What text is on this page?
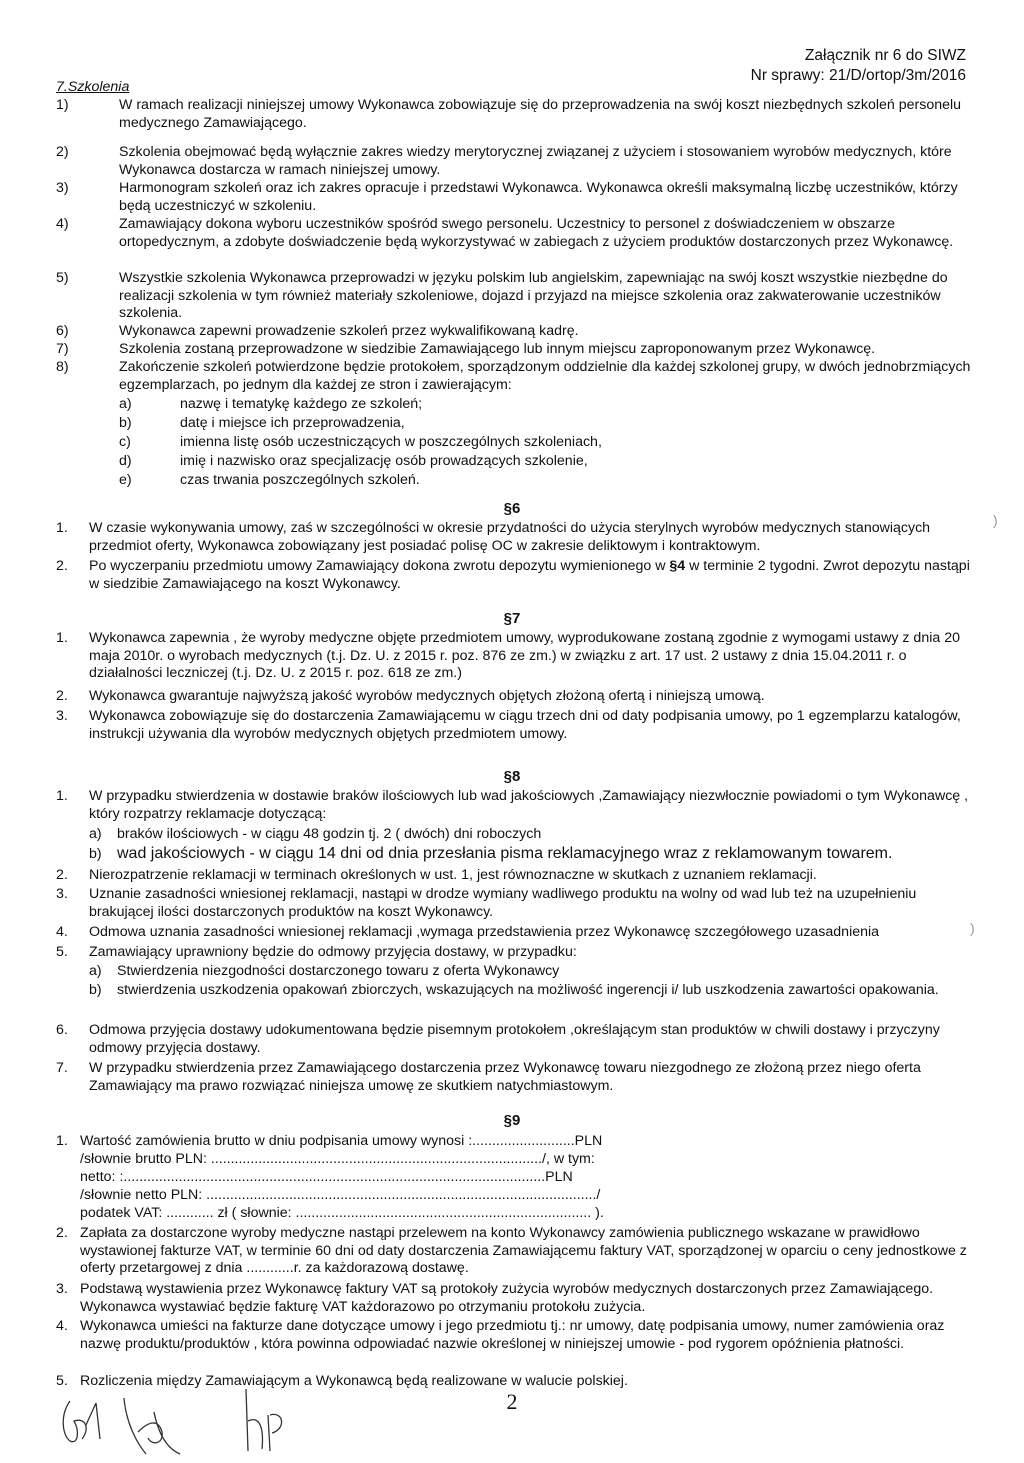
Załącznik nr 6 do SIWZ
Nr sprawy: 21/D/ortop/3m/2016
7.Szkolenia
1)	W ramach realizacji niniejszej umowy Wykonawca zobowiązuje się do przeprowadzenia na swój koszt niezbędnych szkoleń personelu medycznego Zamawiającego.
2)	Szkolenia obejmować będą wyłącznie zakres wiedzy merytorycznej związanej z użyciem i stosowaniem wyrobów medycznych, które Wykonawca dostarcza w ramach niniejszej umowy.
3)	Harmonogram szkoleń oraz ich zakres opracuje i przedstawi Wykonawca. Wykonawca określi maksymalną liczbę uczestników, którzy będą uczestniczyć w szkoleniu.
4)	Zamawiający dokona wyboru uczestników spośród swego personelu. Uczestnicy to personel z doświadczeniem w obszarze ortopedycznym, a zdobyte doświadczenie będą wykorzystywać w zabiegach z użyciem produktów dostarczonych przez Wykonawcę.
5)	Wszystkie szkolenia Wykonawca przeprowadzi w języku polskim lub angielskim, zapewniając na swój koszt wszystkie niezbędne do realizacji szkolenia w tym również materiały szkoleniowe, dojazd i przyjazd na miejsce szkolenia oraz zakwaterowanie uczestników szkolenia.
6)	Wykonawca zapewni prowadzenie szkoleń przez wykwalifikowaną kadrę.
7)	Szkolenia zostaną przeprowadzone w siedzibie Zamawiającego lub innym miejscu zaproponowanym przez Wykonawcę.
8)	Zakończenie szkoleń potwierdzone będzie protokołem, sporządzonym oddzielnie dla każdej szkolonej grupy, w dwóch jednobrzmiących egzemplarzach, po jednym dla każdej ze stron i zawierającym:
a)	nazwę i tematykę każdego ze szkoleń;
b)	datę i miejsce ich przeprowadzenia,
c)	imienna listę osób uczestniczących w poszczególnych szkoleniach,
d)	imię i nazwisko oraz specjalizację osób prowadzących szkolenie,
e)	czas trwania poszczególnych szkoleń.
§6
1. W czasie wykonywania umowy, zaś w szczególności w okresie przydatności do użycia sterylnych wyrobów medycznych stanowiących przedmiot oferty, Wykonawca zobowiązany jest posiadać polisę OC w zakresie deliktowym i kontraktowym.
2. Po wyczerpaniu przedmiotu umowy Zamawiający dokona zwrotu depozytu wymienionego w §4 w terminie 2 tygodni. Zwrot depozytu nastąpi w siedzibie Zamawiającego na koszt Wykonawcy.
§7
1. Wykonawca zapewnia , że wyroby medyczne objęte przedmiotem umowy, wyprodukowane zostaną zgodnie z wymogami ustawy z dnia 20 maja 2010r. o wyrobach medycznych (t.j. Dz. U. z 2015 r. poz. 876 ze zm.) w związku z art. 17 ust. 2 ustawy z dnia 15.04.2011 r. o działalności leczniczej (t.j. Dz. U. z 2015 r. poz. 618 ze zm.)
2. Wykonawca gwarantuje najwyższą jakość wyrobów medycznych objętych złożoną ofertą i niniejszą umową.
3. Wykonawca zobowiązuje się do dostarczenia Zamawiającemu w ciągu trzech dni od daty podpisania umowy, po 1 egzemplarzu katalogów, instrukcji używania dla wyrobów medycznych objętych przedmiotem umowy.
§8
1. W przypadku stwierdzenia w dostawie braków ilościowych lub wad jakościowych ,Zamawiający niezwłocznie powiadomi o tym Wykonawcę , który rozpatrzy reklamacje dotyczącą:
a) braków ilościowych - w ciągu 48 godzin tj. 2 ( dwóch) dni roboczych
b) wad jakościowych - w ciągu 14 dni od dnia przesłania pisma reklamacyjnego wraz z reklamowanym towarem.
2. Nierozpatrzenie reklamacji w terminach określonych w ust. 1, jest równoznaczne w skutkach z uznaniem reklamacji.
3. Uznanie zasadności wniesionej reklamacji, nastąpi w drodze wymiany wadliwego produktu na wolny od wad lub też na uzupełnieniu brakującej ilości dostarczonych produktów na koszt Wykonawcy.
4. Odmowa uznania zasadności wniesionej reklamacji ,wymaga przedstawienia przez Wykonawcę szczegółowego uzasadnienia
5. Zamawiający uprawniony będzie do odmowy przyjęcia dostawy, w przypadku:
a) Stwierdzenia niezgodności dostarczonego towaru z oferta Wykonawcy
b) stwierdzenia uszkodzenia opakowań zbiorczych, wskazujących na możliwość ingerencji i/ lub uszkodzenia zawartości opakowania.
6. Odmowa przyjęcia dostawy udokumentowana będzie pisemnym protokołem ,określającym stan produktów w chwili dostawy i przyczyny odmowy przyjęcia dostawy.
7. W przypadku stwierdzenia przez Zamawiającego dostarczenia przez Wykonawcę towaru niezgodnego ze złożoną przez niego oferta Zamawiający ma prawo rozwiązać niniejsza umowę ze skutkiem natychmiastowym.
§9
1. Wartość zamówienia brutto w dniu podpisania umowy wynosi :..........................PLN
/słownie brutto PLN: ..................................................................................../, w tym:
netto: :...........................................................................................................PLN
/słownie netto PLN: .................................................................................................../
podatek VAT: ............ zł ( słownie: ........................................................................... ).
2. Zapłata za dostarczone wyroby medyczne nastąpi przelewem na konto Wykonawcy zamówienia publicznego wskazane w prawidłowo wystawionej fakturze VAT, w terminie 60 dni od daty dostarczenia Zamawiającemu faktury VAT, sporządzonej w oparciu o ceny jednostkowe z oferty przetargowej z dnia ............r. za każdorazową dostawę.
3. Podstawą wystawienia przez Wykonawcę faktury VAT są protokoły zużycia wyrobów medycznych dostarczonych przez Zamawiającego. Wykonawca wystawiać będzie fakturę VAT każdorazowo po otrzymaniu protokołu zużycia.
4. Wykonawca umieści na fakturze dane dotyczące umowy i jego przedmiotu tj.: nr umowy, datę podpisania umowy, numer zamówienia oraz nazwę produktu/produktów , która powinna odpowiadać nazwie określonej w niniejszej umowie - pod rygorem opóźnienia płatności.
5. Rozliczenia między Zamawiającym a Wykonawcą będą realizowane w walucie polskiej.
2
)
)
